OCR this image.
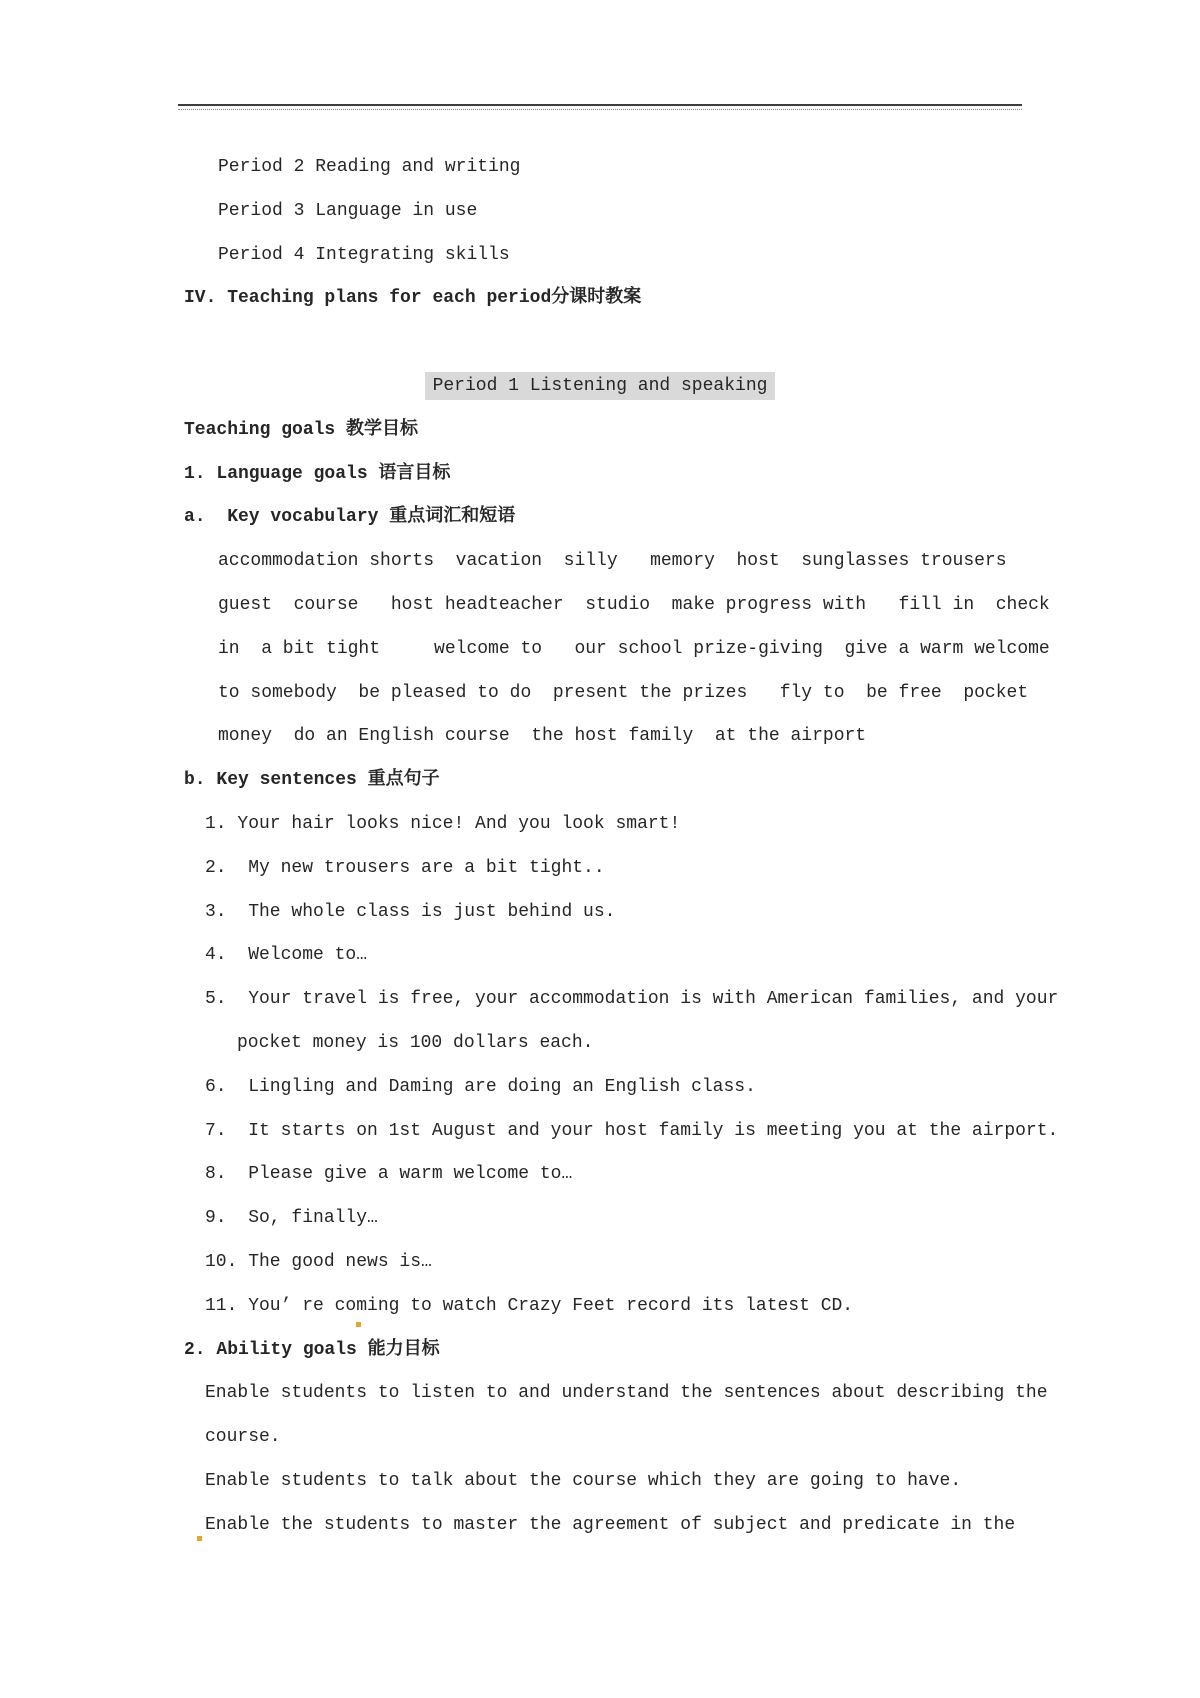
Period 2 Reading and writing
Period 3 Language in use
Period 4 Integrating skills
IV. Teaching plans for each period分课时教案
Period 1 Listening and speaking
Teaching goals 教学目标
1. Language goals 语言目标
a.  Key vocabulary 重点词汇和短语
accommodation shorts  vacation  silly   memory  host  sunglasses trousers
guest  course   host headteacher  studio  make progress with   fill in  check
in  a bit tight     welcome to   our school prize-giving  give a warm welcome
to somebody  be pleased to do  present the prizes   fly to  be free  pocket
money  do an English course  the host family  at the airport
b. Key sentences 重点句子
1. Your hair looks nice! And you look smart!
2.  My new trousers are a bit tight..
3.  The whole class is just behind us.
4.  Welcome to…
5.  Your travel is free, your accommodation is with American families, and your
pocket money is 100 dollars each.
6.  Lingling and Daming are doing an English class.
7.  It starts on 1st August and your host family is meeting you at the airport.
8.  Please give a warm welcome to…
9.  So, finally…
10. The good news is…
11. You’ re coming to watch Crazy Feet record its latest CD.
2. Ability goals 能力目标
Enable students to listen to and understand the sentences about describing the
course.
Enable students to talk about the course which they are going to have.
Enable the students to master the agreement of subject and predicate in the
